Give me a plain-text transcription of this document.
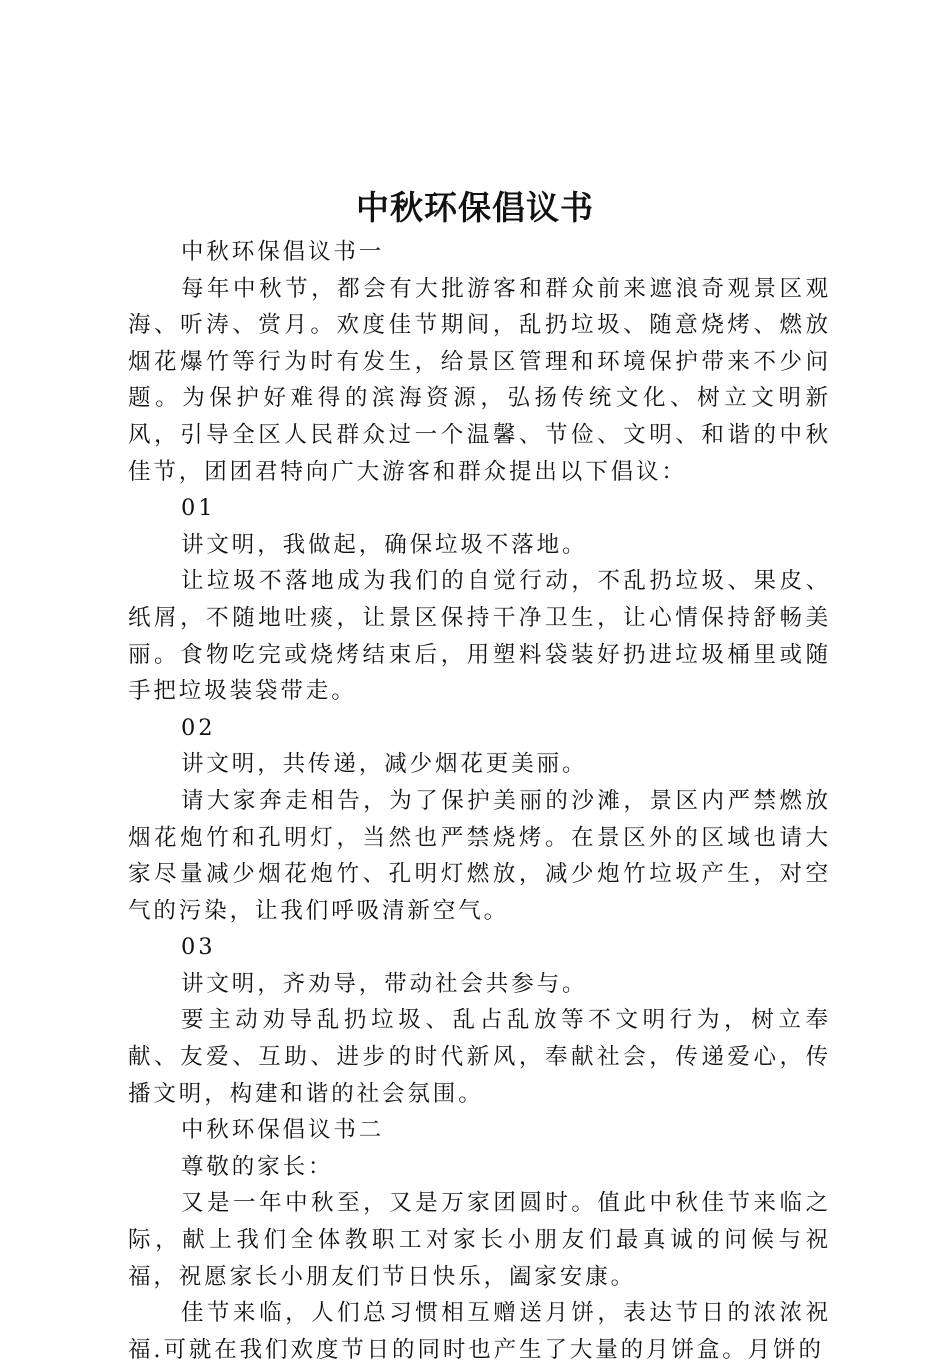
中秋环保倡议书

中秋环保倡议书一

每年中秋节，都会有大批游客和群众前来遮浪奇观景区观海、听涛、赏月。欢度佳节期间，乱扔垃圾、随意烧烤、燃放烟花爆竹等行为时有发生，给景区管理和环境保护带来不少问题。为保护好难得的滨海资源，弘扬传统文化、树立文明新风，引导全区人民群众过一个温馨、节俭、文明、和谐的中秋佳节，团团君特向广大游客和群众提出以下倡议：

01

讲文明，我做起，确保垃圾不落地。

让垃圾不落地成为我们的自觉行动，不乱扔垃圾、果皮、纸屑，不随地吐痰，让景区保持干净卫生，让心情保持舒畅美丽。食物吃完或烧烤结束后，用塑料袋装好扔进垃圾桶里或随手把垃圾装袋带走。

02

讲文明，共传递，减少烟花更美丽。

请大家奔走相告，为了保护美丽的沙滩，景区内严禁燃放烟花炮竹和孔明灯，当然也严禁烧烤。在景区外的区域也请大家尽量减少烟花炮竹、孔明灯燃放，减少炮竹垃圾产生，对空气的污染，让我们呼吸清新空气。

03

讲文明，齐劝导，带动社会共参与。

要主动劝导乱扔垃圾、乱占乱放等不文明行为，树立奉献、友爱、互助、进步的时代新风，奉献社会，传递爱心，传播文明，构建和谐的社会氛围。

中秋环保倡议书二

尊敬的家长：

又是一年中秋至，又是万家团圆时。值此中秋佳节来临之际，献上我们全体教职工对家长小朋友们最真诚的问候与祝福，祝愿家长小朋友们节日快乐，阖家安康。

佳节来临，人们总习惯相互赠送月饼，表达节日的浓浓祝福.可就在我们欢度节日的同时也产生了大量的月饼盒。月饼的
